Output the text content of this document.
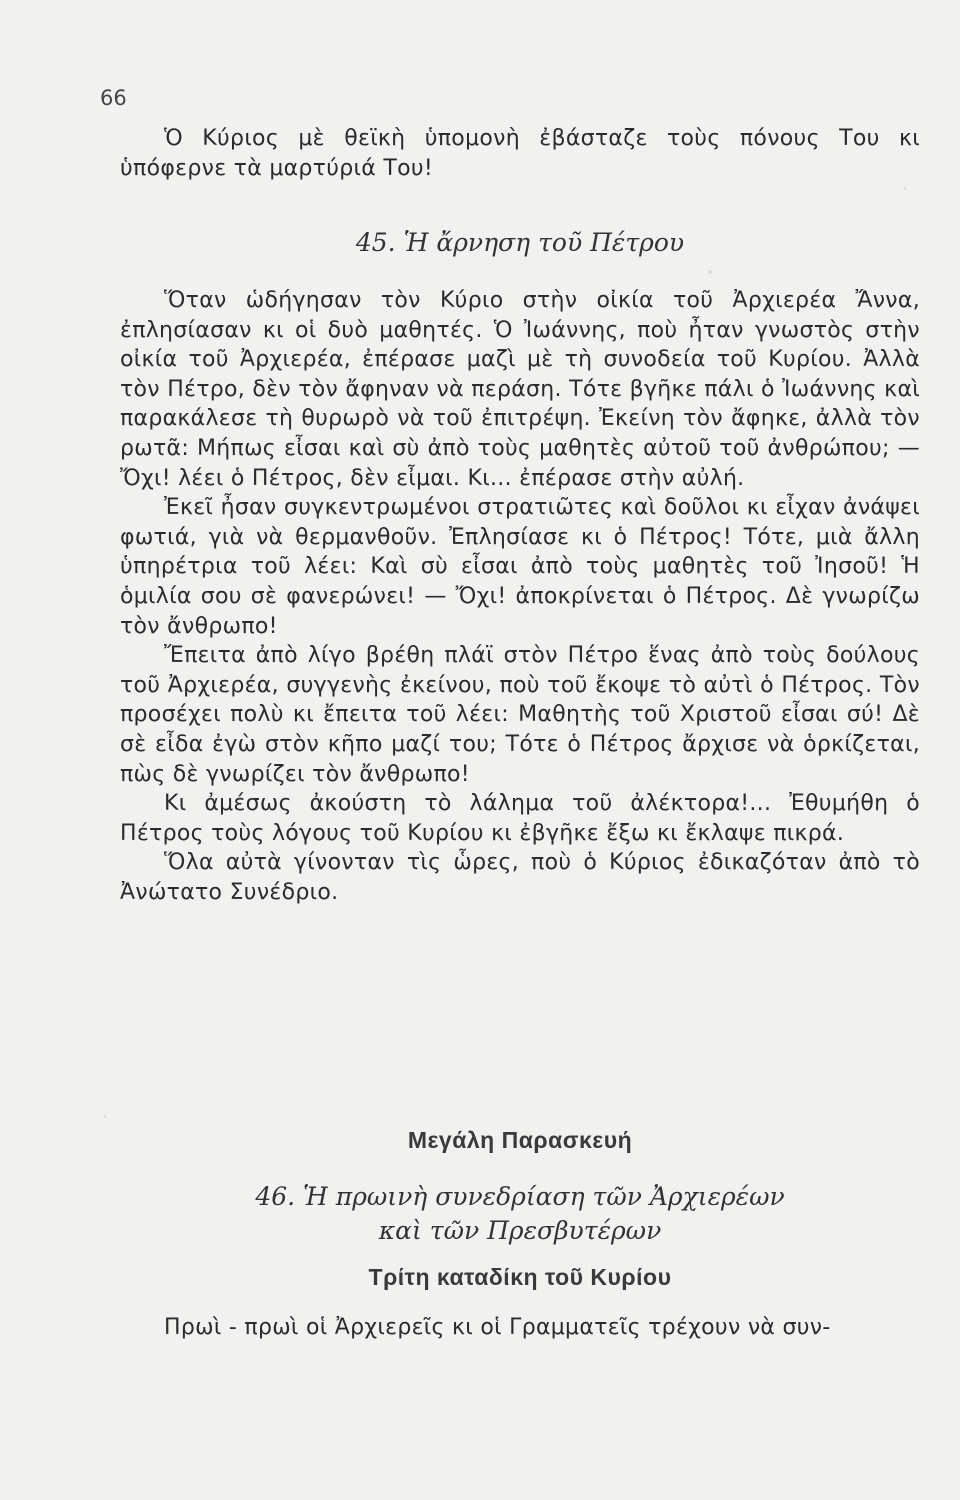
66

Ὁ Κύριος μὲ θεϊκὴ ὑπομονὴ ἐβάσταζε τοὺς πόνους Του κι ὑπόφερνε τὰ μαρτύριά Του!

45. Ἡ ἄρνηση τοῦ Πέτρου

Ὅταν ὡδήγησαν τὸν Κύριο στὴν οἰκία τοῦ Ἀρχιερέα Ἄννα, ἐπλησίασαν κι οἱ δυὸ μαθητές. Ὁ Ἰωάννης, ποὺ ἦταν γνωστὸς στὴν οἰκία τοῦ Ἀρχιερέα, ἐπέρασε μαζὶ μὲ τὴ συνοδεία τοῦ Κυρίου. Ἀλλὰ τὸν Πέτρο, δὲν τὸν ἄφηναν νὰ περάση. Τότε βγῆκε πάλι ὁ Ἰωάννης καὶ παρακάλεσε τὴ θυρωρὸ νὰ τοῦ ἐπιτρέψη. Ἐκείνη τὸν ἄφηκε, ἀλλὰ τὸν ρωτᾶ: Μήπως εἶσαι καὶ σὺ ἀπὸ τοὺς μαθητὲς αὐτοῦ τοῦ ἀνθρώπου; — Ὄχι! λέει ὁ Πέτρος, δὲν εἶμαι. Κι... ἐπέρασε στὴν αὐλή.

Ἐκεῖ ἦσαν συγκεντρωμένοι στρατιῶτες καὶ δοῦλοι κι εἶχαν ἀνάψει φωτιά, γιὰ νὰ θερμανθοῦν. Ἐπλησίασε κι ὁ Πέτρος! Τότε, μιὰ ἄλλη ὑπηρέτρια τοῦ λέει: Καὶ σὺ εἶσαι ἀπὸ τοὺς μαθητὲς τοῦ Ἰησοῦ! Ἡ ὁμιλία σου σὲ φανερώνει! — Ὄχι! ἀποκρίνεται ὁ Πέτρος. Δὲ γνωρίζω τὸν ἄνθρωπο!

Ἔπειτα ἀπὸ λίγο βρέθη πλάϊ στὸν Πέτρο ἕνας ἀπὸ τοὺς δούλους τοῦ Ἀρχιερέα, συγγενὴς ἐκείνου, ποὺ τοῦ ἔκοψε τὸ αὐτὶ ὁ Πέτρος. Τὸν προσέχει πολὺ κι ἔπειτα τοῦ λέει: Μαθητὴς τοῦ Χριστοῦ εἶσαι σύ! Δὲ σὲ εἶδα ἐγὼ στὸν κῆπο μαζί του; Τότε ὁ Πέτρος ἄρχισε νὰ ὁρκίζεται, πὼς δὲ γνωρίζει τὸν ἄνθρωπο!

Κι ἀμέσως ἀκούστη τὸ λάλημα τοῦ ἀλέκτορα!... Ἐθυμήθη ὁ Πέτρος τοὺς λόγους τοῦ Κυρίου κι ἐβγῆκε ἔξω κι ἔκλαψε πικρά.

Ὅλα αὐτὰ γίνονταν τὶς ὧρες, ποὺ ὁ Κύριος ἐδικαζόταν ἀπὸ τὸ Ἀνώτατο Συνέδριο.

Μεγάλη Παρασκευή

46. Ἡ πρωινὴ συνεδρίαση τῶν Ἀρχιερέων

καὶ τῶν Πρεσβυτέρων

Τρίτη καταδίκη τοῦ Κυρίου

Πρωὶ - πρωὶ οἱ Ἀρχιερεῖς κι οἱ Γραμματεῖς τρέχουν νὰ συν-
